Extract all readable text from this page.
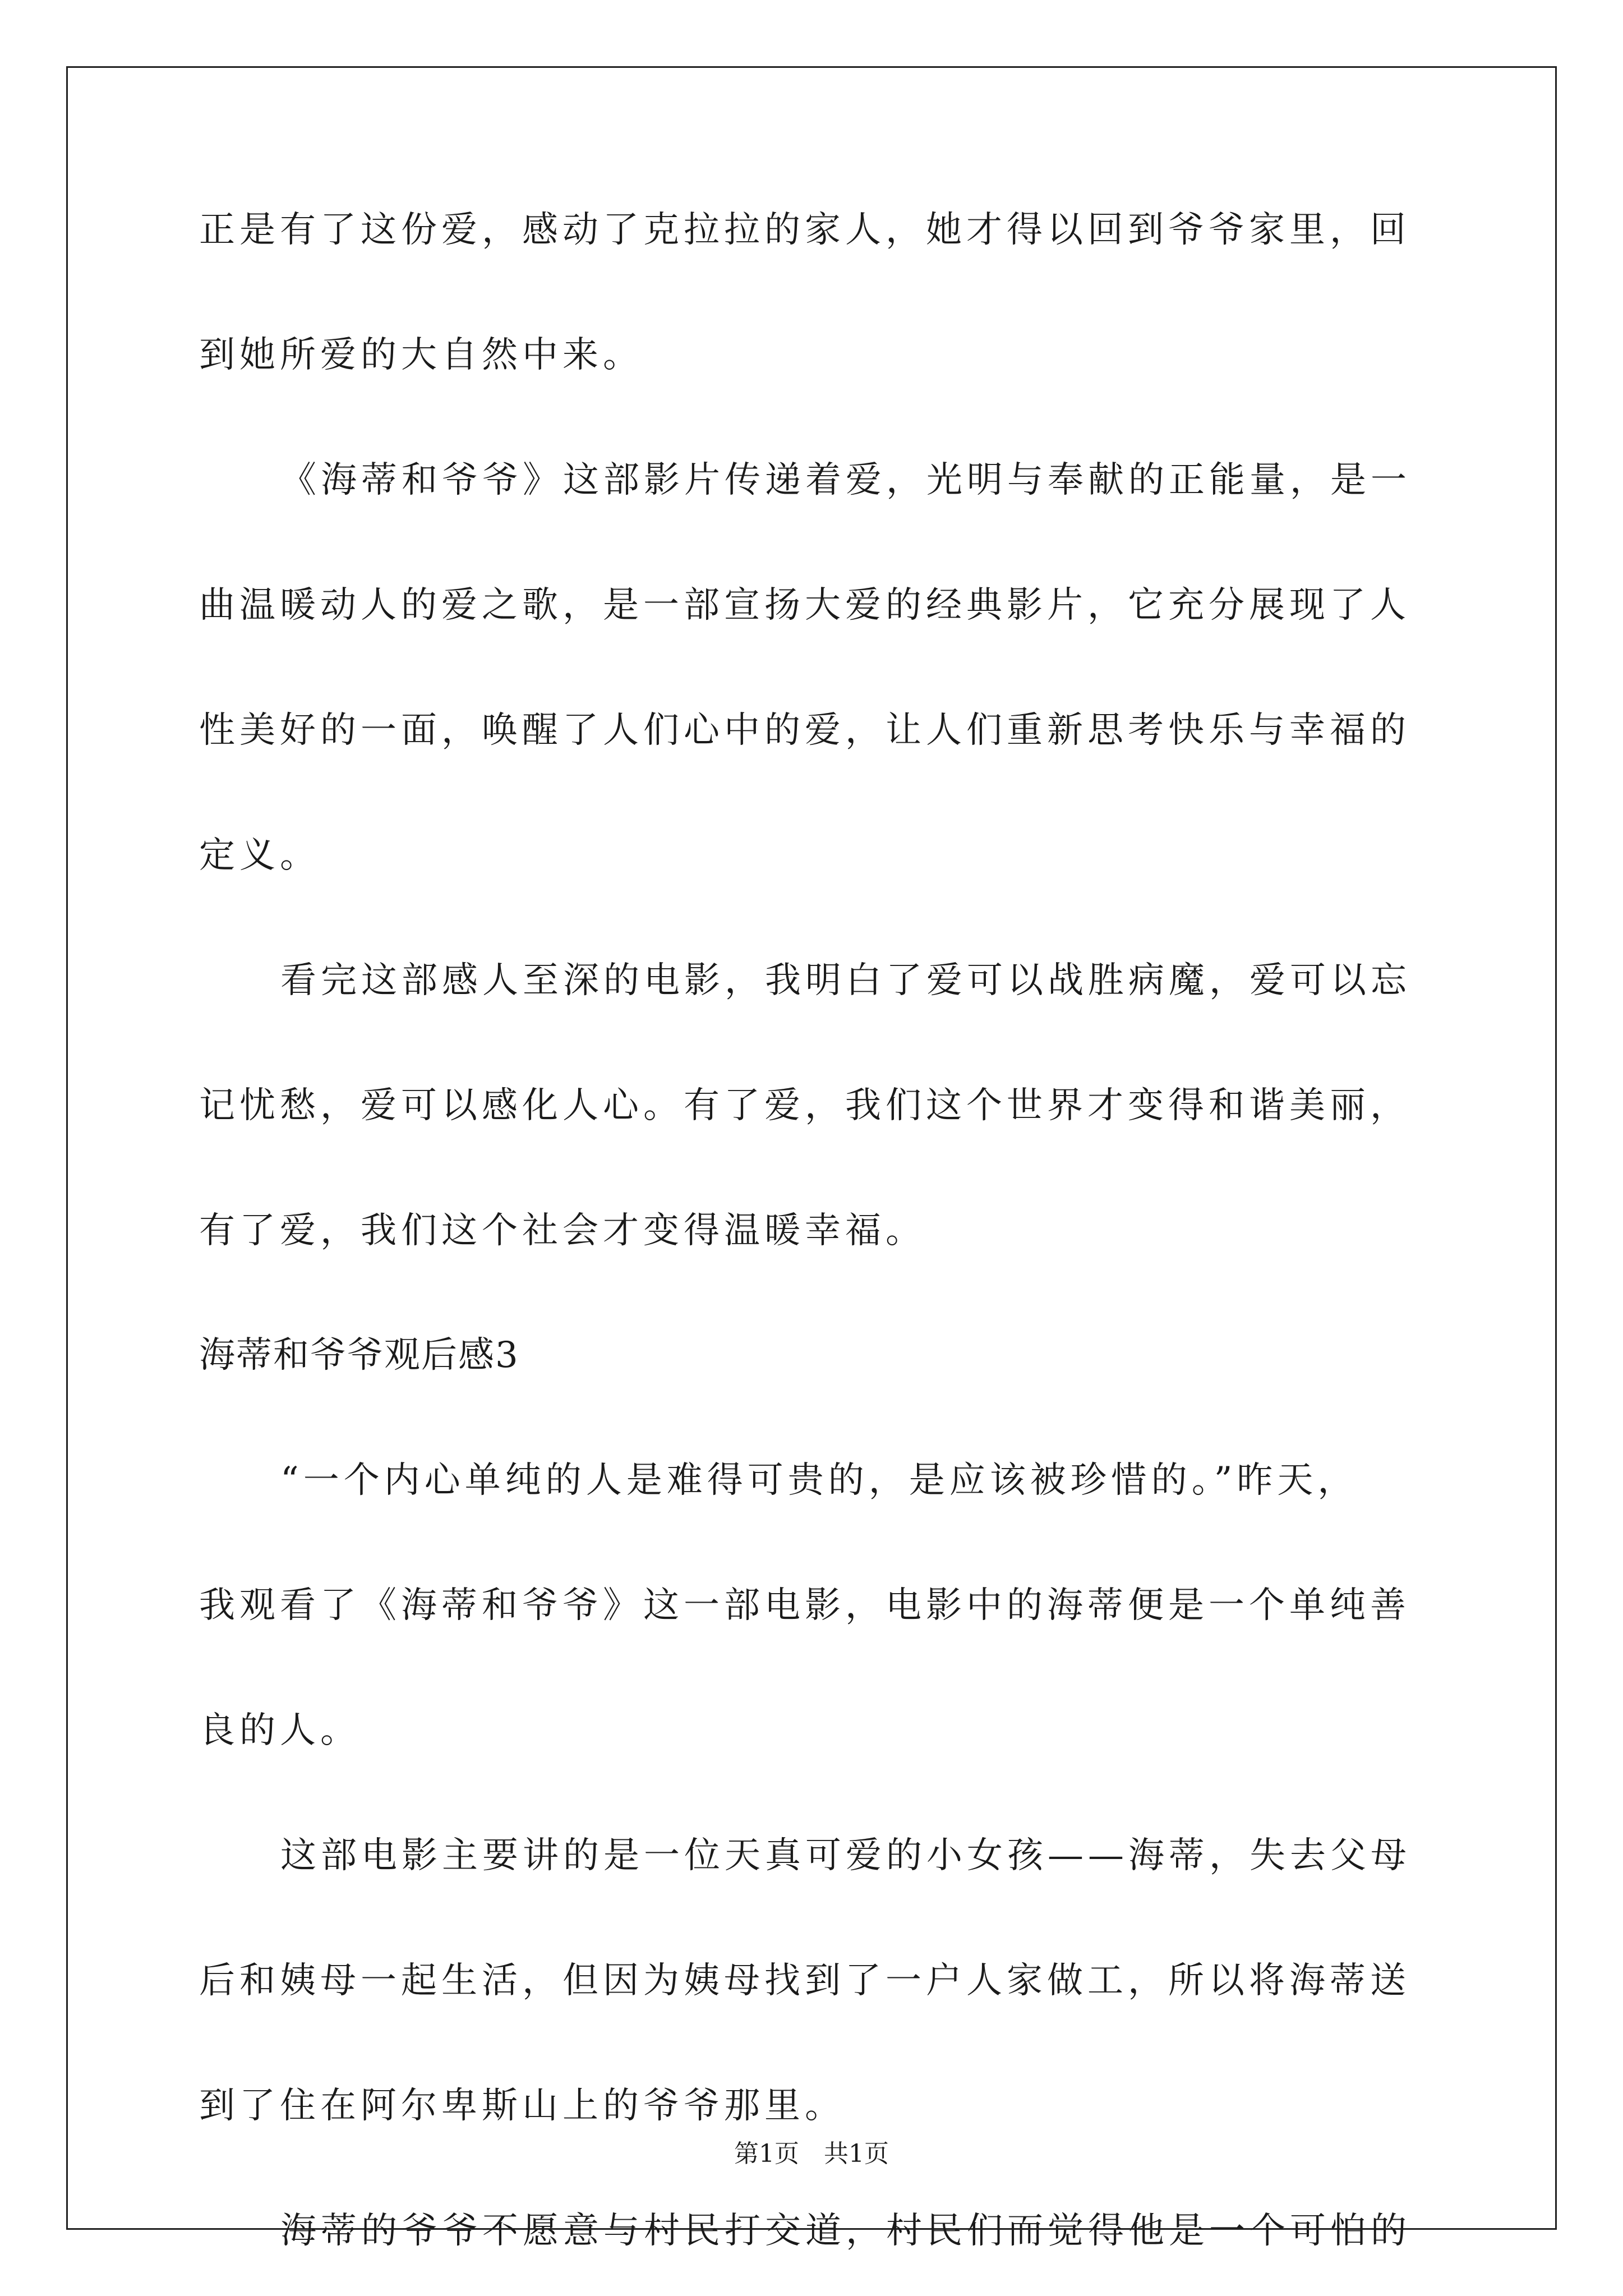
正是有了这份爱，感动了克拉拉的家人，她才得以回到爷爷家里，回
到她所爱的大自然中来。
《海蒂和爷爷》这部影片传递着爱，光明与奉献的正能量，是一
曲温暖动人的爱之歌，是一部宣扬大爱的经典影片，它充分展现了人
性美好的一面，唤醒了人们心中的爱，让人们重新思考快乐与幸福的
定义。
看完这部感人至深的电影，我明白了爱可以战胜病魔，爱可以忘
记忧愁，爱可以感化人心。有了爱，我们这个世界才变得和谐美丽，
有了爱，我们这个社会才变得温暖幸福。
海蒂和爷爷观后感3
“一个内心单纯的人是难得可贵的，是应该被珍惜的。”昨天，
我观看了《海蒂和爷爷》这一部电影，电影中的海蒂便是一个单纯善
良的人。
这部电影主要讲的是一位天真可爱的小女孩——海蒂，失去父母
后和姨母一起生活，但因为姨母找到了一户人家做工，所以将海蒂送
到了住在阿尔卑斯山上的爷爷那里。
海蒂的爷爷不愿意与村民打交道，村民们而觉得他是一个可怕的
第1页　共1页
